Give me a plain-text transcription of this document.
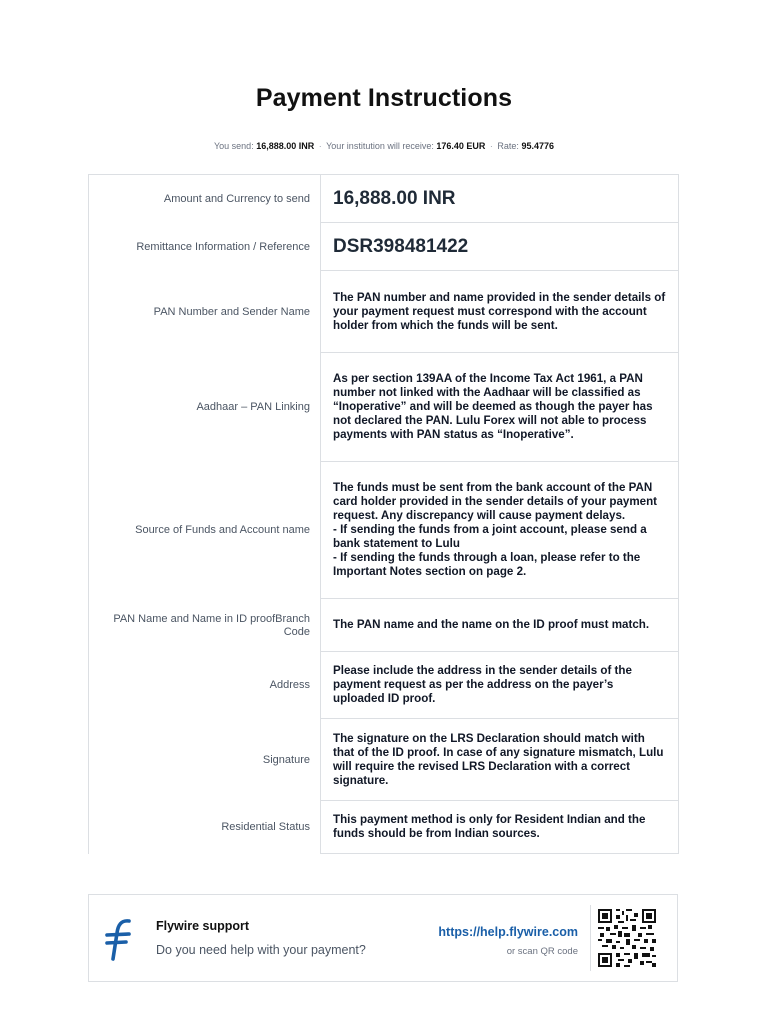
Payment Instructions
You send: 16,888.00 INR · Your institution will receive: 176.40 EUR · Rate: 95.4776
Amount and Currency to send	16,888.00 INR
Remittance Information / Reference	DSR398481422
PAN Number and Sender Name
The PAN number and name provided in the sender details of your payment request must correspond with the account holder from which the funds will be sent.
Aadhaar – PAN Linking
As per section 139AA of the Income Tax Act 1961, a PAN number not linked with the Aadhaar will be classified as “Inoperative” and will be deemed as though the payer has not declared the PAN. Lulu Forex will not able to process payments with PAN status as “Inoperative”.
Source of Funds and Account name
The funds must be sent from the bank account of the PAN card holder provided in the sender details of your payment request. Any discrepancy will cause payment delays.
- If sending the funds from a joint account, please send a bank statement to Lulu
- If sending the funds through a loan, please refer to the Important Notes section on page 2.
PAN Name and Name in ID proofBranch Code
The PAN name and the name on the ID proof must match.
Address
Please include the address in the sender details of the payment request as per the address on the payer’s uploaded ID proof.
Signature
The signature on the LRS Declaration should match with that of the ID proof. In case of any signature mismatch, Lulu will require the revised LRS Declaration with a correct signature.
Residential Status
This payment method is only for Resident Indian and the funds should be from Indian sources.
Flywire support
Do you need help with your payment?
https://help.flywire.com
or scan QR code
